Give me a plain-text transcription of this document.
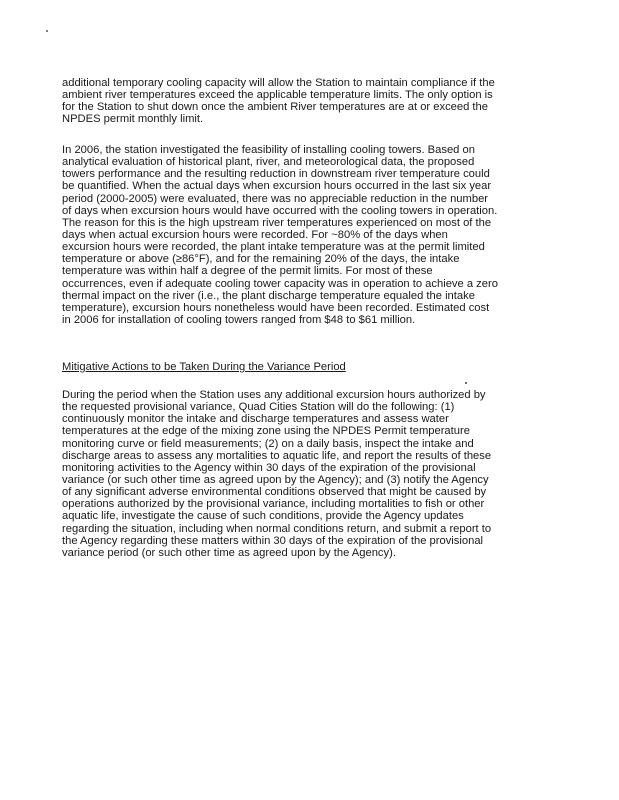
additional temporary cooling capacity will allow the Station to maintain compliance if the
ambient river temperatures exceed the applicable temperature limits. The only option is
for the Station to shut down once the ambient River temperatures are at or exceed the
NPDES permit monthly limit.
In 2006, the station investigated the feasibility of installing cooling towers. Based on
analytical evaluation of historical plant, river, and meteorological data, the proposed
towers performance and the resulting reduction in downstream river temperature could
be quantified. When the actual days when excursion hours occurred in the last six year
period (2000-2005) were evaluated, there was no appreciable reduction in the number
of days when excursion hours would have occurred with the cooling towers in operation.
The reason for this is the high upstream river temperatures experienced on most of the
days when actual excursion hours were recorded. For ~80% of the days when
excursion hours were recorded, the plant intake temperature was at the permit limited
temperature or above (≥86°F), and for the remaining 20% of the days, the intake
temperature was within half a degree of the permit limits. For most of these
occurrences, even if adequate cooling tower capacity was in operation to achieve a zero
thermal impact on the river (i.e., the plant discharge temperature equaled the intake
temperature), excursion hours nonetheless would have been recorded. Estimated cost
in 2006 for installation of cooling towers ranged from $48 to $61 million.
Mitigative Actions to be Taken During the Variance Period
During the period when the Station uses any additional excursion hours authorized by
the requested provisional variance, Quad Cities Station will do the following: (1)
continuously monitor the intake and discharge temperatures and assess water
temperatures at the edge of the mixing zone using the NPDES Permit temperature
monitoring curve or field measurements; (2) on a daily basis, inspect the intake and
discharge areas to assess any mortalities to aquatic life, and report the results of these
monitoring activities to the Agency within 30 days of the expiration of the provisional
variance (or such other time as agreed upon by the Agency); and (3) notify the Agency
of any significant adverse environmental conditions observed that might be caused by
operations authorized by the provisional variance, including mortalities to fish or other
aquatic life, investigate the cause of such conditions, provide the Agency updates
regarding the situation, including when normal conditions return, and submit a report to
the Agency regarding these matters within 30 days of the expiration of the provisional
variance period (or such other time as agreed upon by the Agency).
